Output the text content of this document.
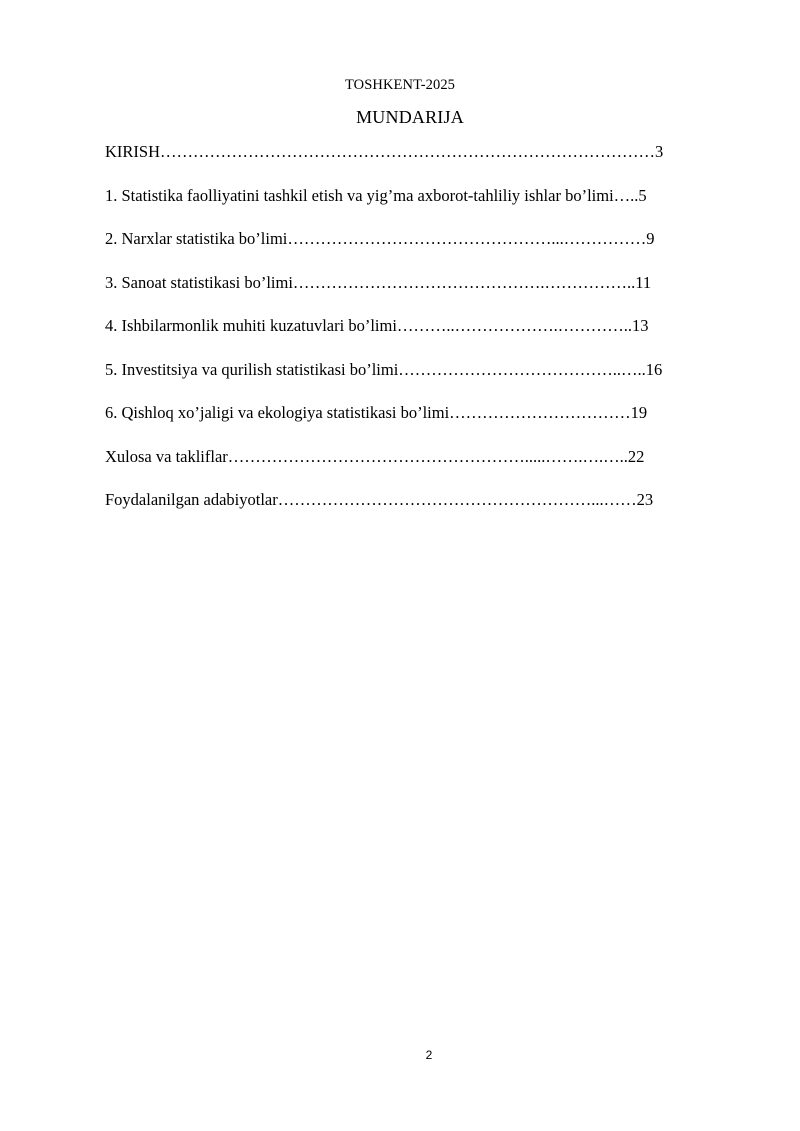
TOSHKENT-2025
MUNDARIJA
KIRISH………………………………………………………………………………3
1. Statistika faolliyatini tashkil etish va yig’ma axborot-tahliliy ishlar bo’limi…..5
2. Narxlar statistika bo’limi…………………………………………...……………9
3. Sanoat statistikasi bo’limi……………………………………….……………..11
4. Ishbilarmonlik muhiti kuzatuvlari bo’limi………..……………….…………..13
5. Investitsiya va qurilish statistikasi bo’limi…………………………………..…..16
6. Qishloq xo’jaligi va ekologiya statistikasi bo’limi……………………………19
Xulosa va takliflar……………………………………………….....…….….…..22
Foydalanilgan adabiyotlar…………………………………………………...……23
2
